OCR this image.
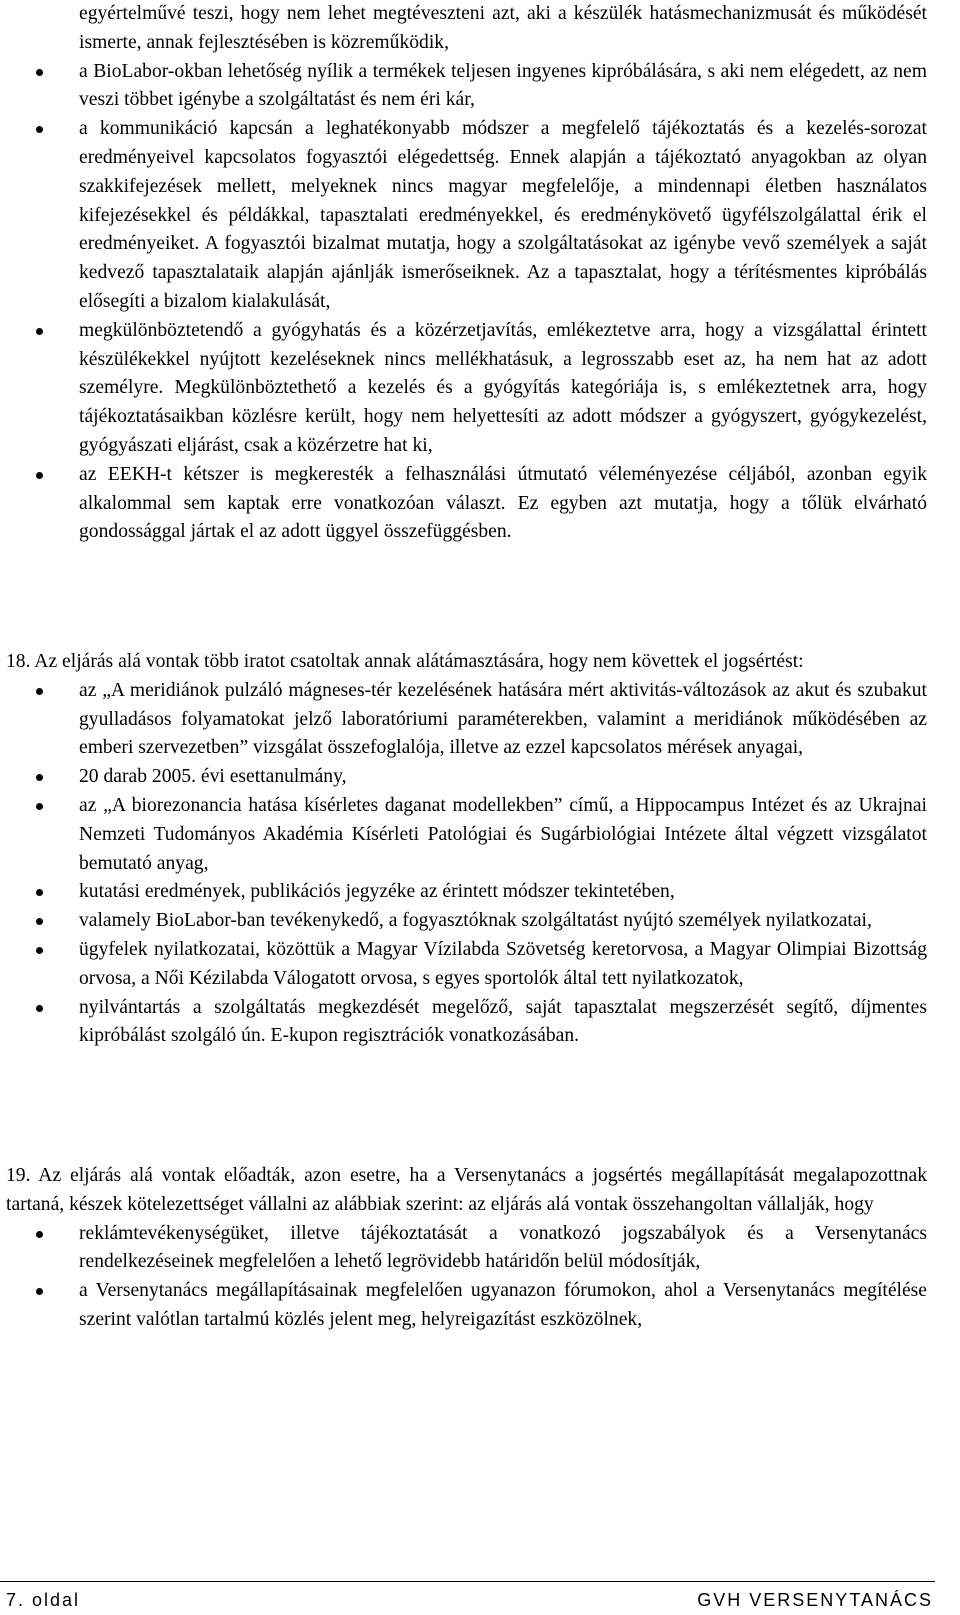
egyértelművé teszi, hogy nem lehet megtéveszteni azt, aki a készülék hatásmechanizmusát és működését ismerte, annak fejlesztésében is közreműködik,
a BioLabor-okban lehetőség nyílik a termékek teljesen ingyenes kipróbálására, s aki nem elégedett, az nem veszi többet igénybe a szolgáltatást és nem éri kár,
a kommunikáció kapcsán a leghatékonyabb módszer a megfelelő tájékoztatás és a kezelés-sorozat eredményeivel kapcsolatos fogyasztói elégedettség. Ennek alapján a tájékoztató anyagokban az olyan szakkifejezések mellett, melyeknek nincs magyar megfelelője, a mindennapi életben használatos kifejezésekkel és példákkal, tapasztalati eredményekkel, és eredménykövető ügyfélszolgálattal érik el eredményeiket. A fogyasztói bizalmat mutatja, hogy a szolgáltatásokat az igénybe vevő személyek a saját kedvező tapasztalataik alapján ajánlják ismerőseiknek. Az a tapasztalat, hogy a térítésmentes kipróbálás elősegíti a bizalom kialakulását,
megkülönböztetendő a gyógyhatás és a közérzetjavítás, emlékeztetve arra, hogy a vizsgálattal érintett készülékekkel nyújtott kezeléseknek nincs mellékhatásuk, a legrosszabb eset az, ha nem hat az adott személyre. Megkülönböztethető a kezelés és a gyógyítás kategóriája is, s emlékeztetnek arra, hogy tájékoztatásaikban közlésre került, hogy nem helyettesíti az adott módszer a gyógyszert, gyógykezelést, gyógyászati eljárást, csak a közérzetre hat ki,
az EEKH-t kétszer is megkeresték a felhasználási útmutató véleményezése céljából, azonban egyik alkalommal sem kaptak erre vonatkozóan választ. Ez egyben azt mutatja, hogy a tőlük elvárható gondossággal jártak el az adott üggyel összefüggésben.

18. Az eljárás alá vontak több iratot csatoltak annak alátámasztására, hogy nem követtek el jogsértést:

az „A meridiánok pulzáló mágneses-tér kezelésének hatására mért aktivitás-változások az akut és szubakut gyulladásos folyamatokat jelző laboratóriumi paraméterekben, valamint a meridiánok működésében az emberi szervezetben” vizsgálat összefoglalója, illetve az ezzel kapcsolatos mérések anyagai,
20 darab 2005. évi esettanulmány,
az „A biorezonancia hatása kísérletes daganat modellekben” című, a Hippocampus Intézet és az Ukrajnai Nemzeti Tudományos Akadémia Kísérleti Patológiai és Sugárbiológiai Intézete által végzett vizsgálatot bemutató anyag,
kutatási eredmények, publikációs jegyzéke az érintett módszer tekintetében,
valamely BioLabor-ban tevékenykedő, a fogyasztóknak szolgáltatást nyújtó személyek nyilatkozatai,
ügyfelek nyilatkozatai, közöttük a Magyar Vízilabda Szövetség keretorvosa, a Magyar Olimpiai Bizottság orvosa, a Női Kézilabda Válogatott orvosa, s egyes sportolók által tett nyilatkozatok,
nyilvántartás a szolgáltatás megkezdését megelőző, saját tapasztalat megszerzését segítő, díjmentes kipróbálást szolgáló ún. E-kupon regisztrációk vonatkozásában.

19. Az eljárás alá vontak előadták, azon esetre, ha a Versenytanács a jogsértés megállapítását megalapozottnak tartaná, készek kötelezettséget vállalni az alábbiak szerint: az eljárás alá vontak összehangoltan vállalják, hogy

reklámtevékenységüket, illetve tájékoztatását a vonatkozó jogszabályok és a Versenytanács rendelkezéseinek megfelelően a lehető legrövidebb határidőn belül módosítják,
a Versenytanács megállapításainak megfelelően ugyanazon fórumokon, ahol a Versenytanács megítélése szerint valótlan tartalmú közlés jelent meg, helyreigazítást eszközölnek,
7. oldal	GVH VERSENYTANÁCS
